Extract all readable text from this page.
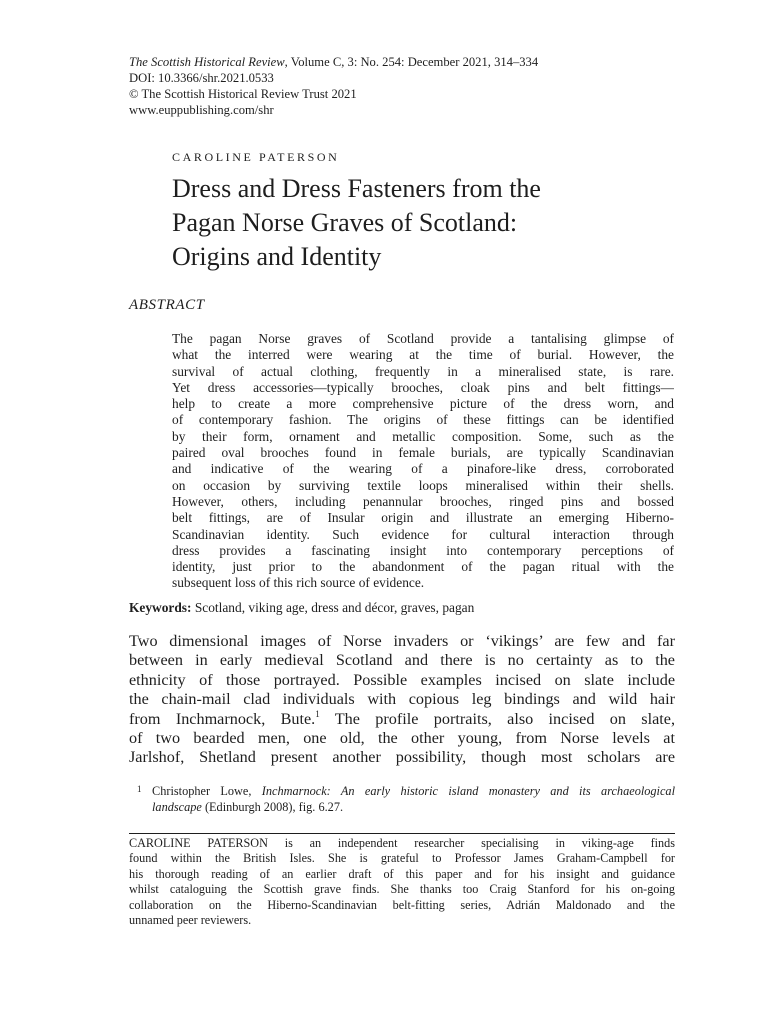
The Scottish Historical Review, Volume C, 3: No. 254: December 2021, 314–334
DOI: 10.3366/shr.2021.0533
© The Scottish Historical Review Trust 2021
www.euppublishing.com/shr
CAROLINE PATERSON
Dress and Dress Fasteners from the
Pagan Norse Graves of Scotland:
Origins and Identity
ABSTRACT
The pagan Norse graves of Scotland provide a tantalising glimpse of
what the interred were wearing at the time of burial. However, the
survival of actual clothing, frequently in a mineralised state, is rare.
Yet dress accessories—typically brooches, cloak pins and belt fittings—
help to create a more comprehensive picture of the dress worn, and
of contemporary fashion. The origins of these fittings can be identified
by their form, ornament and metallic composition. Some, such as the
paired oval brooches found in female burials, are typically Scandinavian
and indicative of the wearing of a pinafore-like dress, corroborated
on occasion by surviving textile loops mineralised within their shells.
However, others, including penannular brooches, ringed pins and bossed
belt fittings, are of Insular origin and illustrate an emerging Hiberno-
Scandinavian identity. Such evidence for cultural interaction through
dress provides a fascinating insight into contemporary perceptions of
identity, just prior to the abandonment of the pagan ritual with the
subsequent loss of this rich source of evidence.
Keywords: Scotland, viking age, dress and décor, graves, pagan
Two dimensional images of Norse invaders or ‘vikings’ are few and far
between in early medieval Scotland and there is no certainty as to the
ethnicity of those portrayed. Possible examples incised on slate include
the chain-mail clad individuals with copious leg bindings and wild hair
from Inchmarnock, Bute.$^1$ The profile portraits, also incised on slate,
of two bearded men, one old, the other young, from Norse levels at
Jarlshof, Shetland present another possibility, though most scholars are
1 Christopher Lowe, Inchmarnock: An early historic island monastery and its archaeological
landscape (Edinburgh 2008), fig. 6.27.
CAROLINE PATERSON is an independent researcher specialising in viking-age finds
found within the British Isles. She is grateful to Professor James Graham-Campbell for
his thorough reading of an earlier draft of this paper and for his insight and guidance
whilst cataloguing the Scottish grave finds. She thanks too Craig Stanford for his on-going
collaboration on the Hiberno-Scandinavian belt-fitting series, Adrián Maldonado and the
unnamed peer reviewers.
